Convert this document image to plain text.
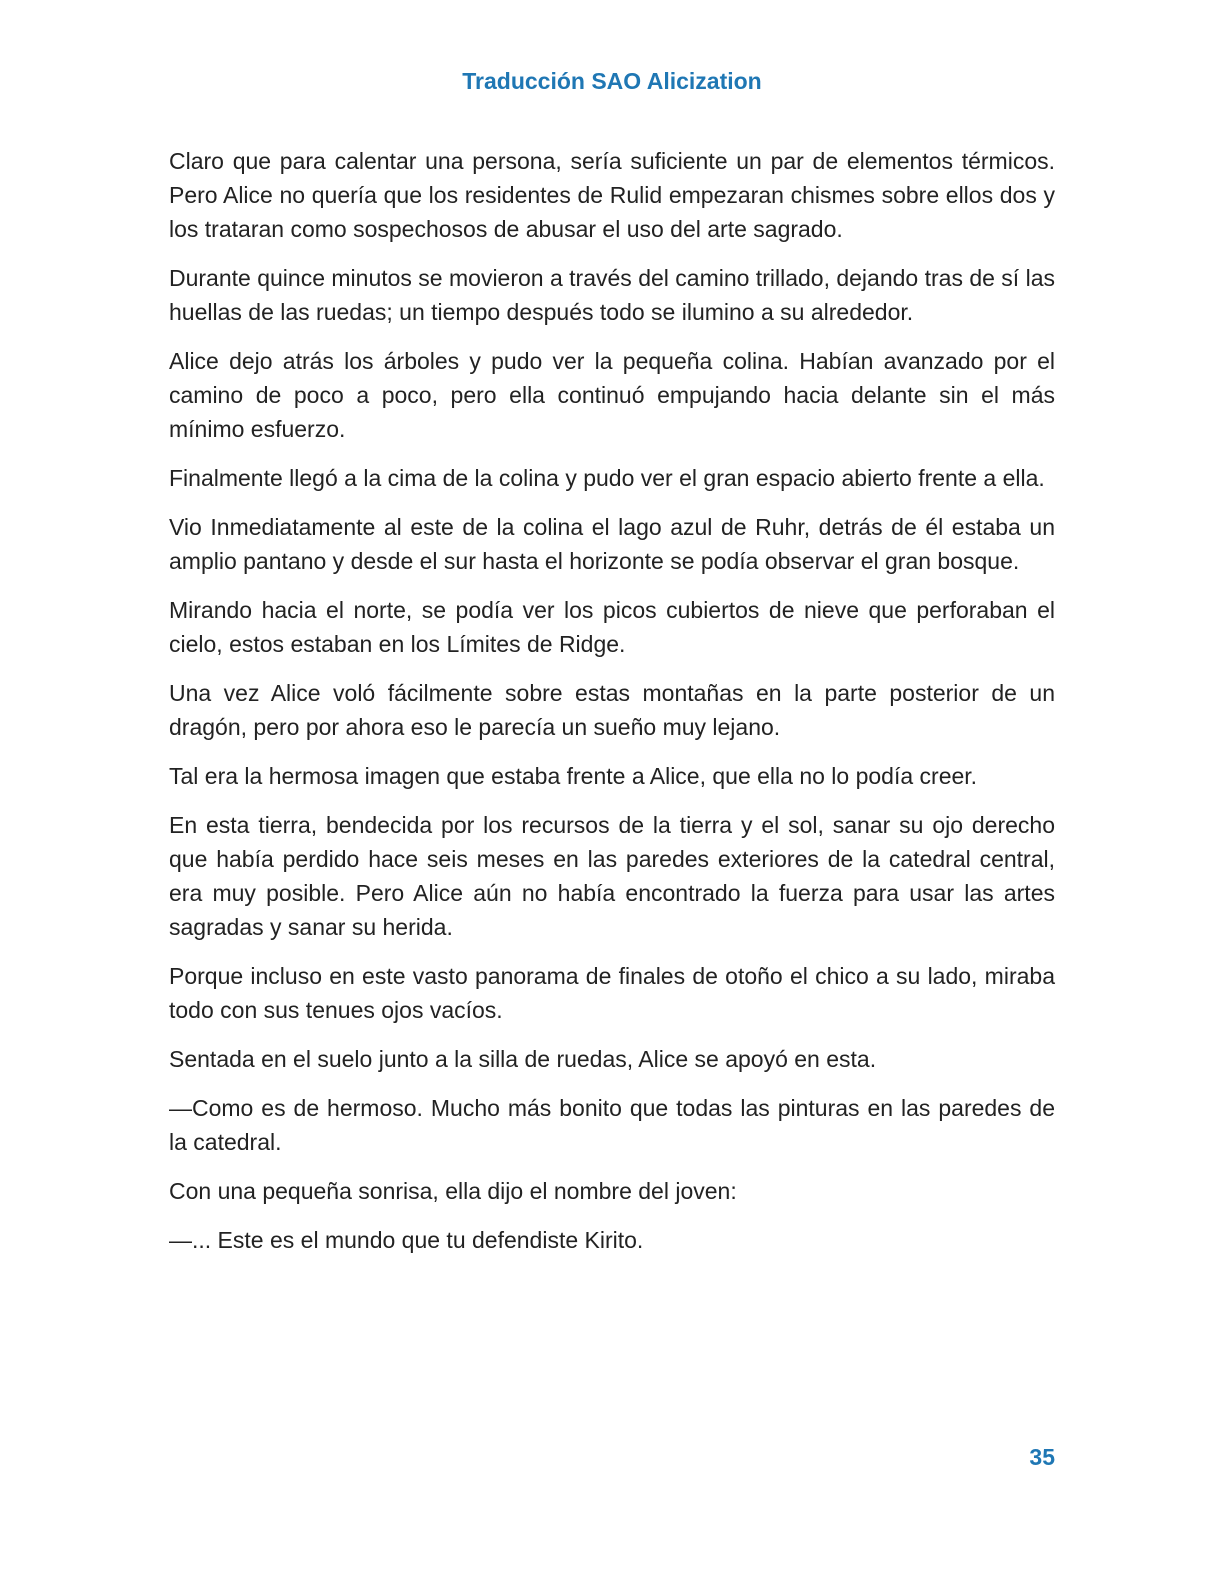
Traducción SAO Alicization

Claro que para calentar una persona, sería suficiente un par de elementos térmicos. Pero Alice no quería que los residentes de Rulid empezaran chismes sobre ellos dos y los trataran como sospechosos de abusar el uso del arte sagrado.

Durante quince minutos se movieron a través del camino trillado, dejando tras de sí las huellas de las ruedas; un tiempo después todo se ilumino a su alrededor.

Alice dejo atrás los árboles y pudo ver la pequeña colina. Habían avanzado por el camino de poco a poco, pero ella continuó empujando hacia delante sin el más mínimo esfuerzo.

Finalmente llegó a la cima de la colina y pudo ver el gran espacio abierto frente a ella.

Vio Inmediatamente al este de la colina el lago azul de Ruhr, detrás de él estaba un amplio pantano y desde el sur hasta el horizonte se podía observar el gran bosque.

Mirando hacia el norte, se podía ver los picos cubiertos de nieve que perforaban el cielo, estos estaban en los Límites de Ridge.

Una vez Alice voló fácilmente sobre estas montañas en la parte posterior de un dragón, pero por ahora eso le parecía un sueño muy lejano.

Tal era la hermosa imagen que estaba frente a Alice, que ella no lo podía creer.

En esta tierra, bendecida por los recursos de la tierra y el sol, sanar su ojo derecho que había perdido hace seis meses en las paredes exteriores de la catedral central, era muy posible. Pero Alice aún no había encontrado la fuerza para usar las artes sagradas y sanar su herida.

Porque incluso en este vasto panorama de finales de otoño el chico a su lado, miraba todo con sus tenues ojos vacíos.

Sentada en el suelo junto a la silla de ruedas, Alice se apoyó en esta.

—Como es de hermoso. Mucho más bonito que todas las pinturas en las paredes de la catedral.

Con una pequeña sonrisa, ella dijo el nombre del joven:

—... Este es el mundo que tu defendiste Kirito.

35
